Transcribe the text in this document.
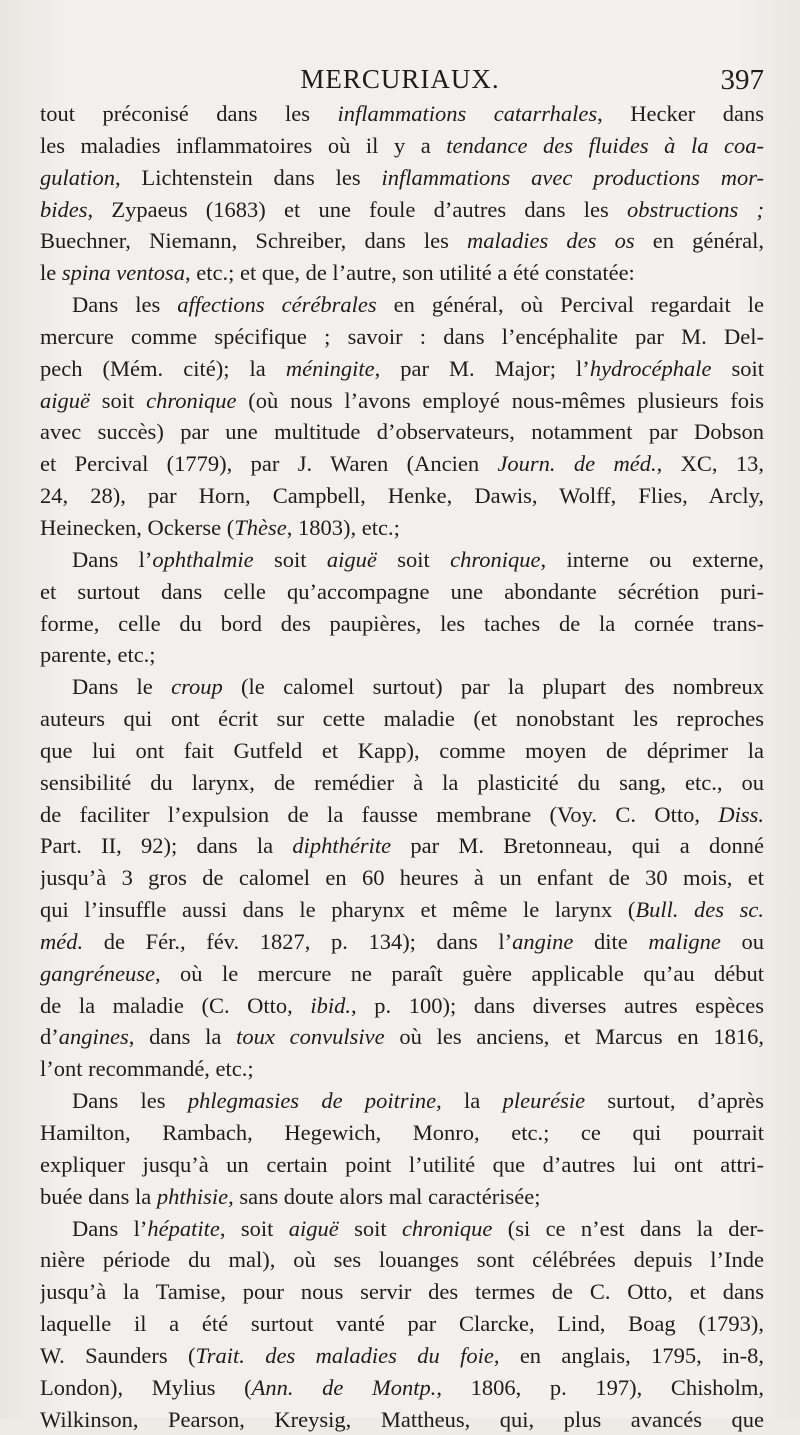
MERCURIAUX.	397
tout préconisé dans les inflammations catarrhales, Hecker dans
les maladies inflammatoires où il y a tendance des fluides à la coa-
gulation, Lichtenstein dans les inflammations avec productions mor-
bides, Zypaeus (1683) et une foule d’autres dans les obstructions ;
Buechner, Niemann, Schreiber, dans les maladies des os en général,
le spina ventosa, etc.; et que, de l’autre, son utilité a été constatée:
Dans les affections cérébrales en général, où Percival regardait le
mercure comme spécifique ; savoir : dans l’encéphalite par M. Del-
pech (Mém. cité); la méningite, par M. Major; l’hydrocéphale soit
aiguë soit chronique (où nous l’avons employé nous-mêmes plusieurs fois
avec succès) par une multitude d’observateurs, notamment par Dobson
et Percival (1779), par J. Waren (Ancien Journ. de méd., XC, 13,
24, 28), par Horn, Campbell, Henke, Dawis, Wolff, Flies, Arcly,
Heinecken, Ockerse (Thèse, 1803), etc.;
Dans l’ophthalmie soit aiguë soit chronique, interne ou externe,
et surtout dans celle qu’accompagne une abondante sécrétion puri-
forme, celle du bord des paupières, les taches de la cornée trans-
parente, etc.;
Dans le croup (le calomel surtout) par la plupart des nombreux
auteurs qui ont écrit sur cette maladie (et nonobstant les reproches
que lui ont fait Gutfeld et Kapp), comme moyen de déprimer la
sensibilité du larynx, de remédier à la plasticité du sang, etc., ou
de faciliter l’expulsion de la fausse membrane (Voy. C. Otto, Diss.
Part. II, 92); dans la diphthérite par M. Bretonneau, qui a donné
jusqu’à 3 gros de calomel en 60 heures à un enfant de 30 mois, et
qui l’insuffle aussi dans le pharynx et même le larynx (Bull. des sc.
méd. de Fér., fév. 1827, p. 134); dans l’angine dite maligne ou
gangréneuse, où le mercure ne paraît guère applicable qu’au début
de la maladie (C. Otto, ibid., p. 100); dans diverses autres espèces
d’angines, dans la toux convulsive où les anciens, et Marcus en 1816,
l’ont recommandé, etc.;
Dans les phlegmasies de poitrine, la pleurésie surtout, d’après
Hamilton, Rambach, Hegewich, Monro, etc.; ce qui pourrait
expliquer jusqu’à un certain point l’utilité que d’autres lui ont attri-
buée dans la phthisie, sans doute alors mal caractérisée;
Dans l’hépatite, soit aiguë soit chronique (si ce n’est dans la der-
nière période du mal), où ses louanges sont célébrées depuis l’Inde
jusqu’à la Tamise, pour nous servir des termes de C. Otto, et dans
laquelle il a été surtout vanté par Clarcke, Lind, Boag (1793),
W. Saunders (Trait. des maladies du foie, en anglais, 1795, in-8,
London), Mylius (Ann. de Montp., 1806, p. 197), Chisholm,
Wilkinson, Pearson, Kreysig, Mattheus, qui, plus avancés que
